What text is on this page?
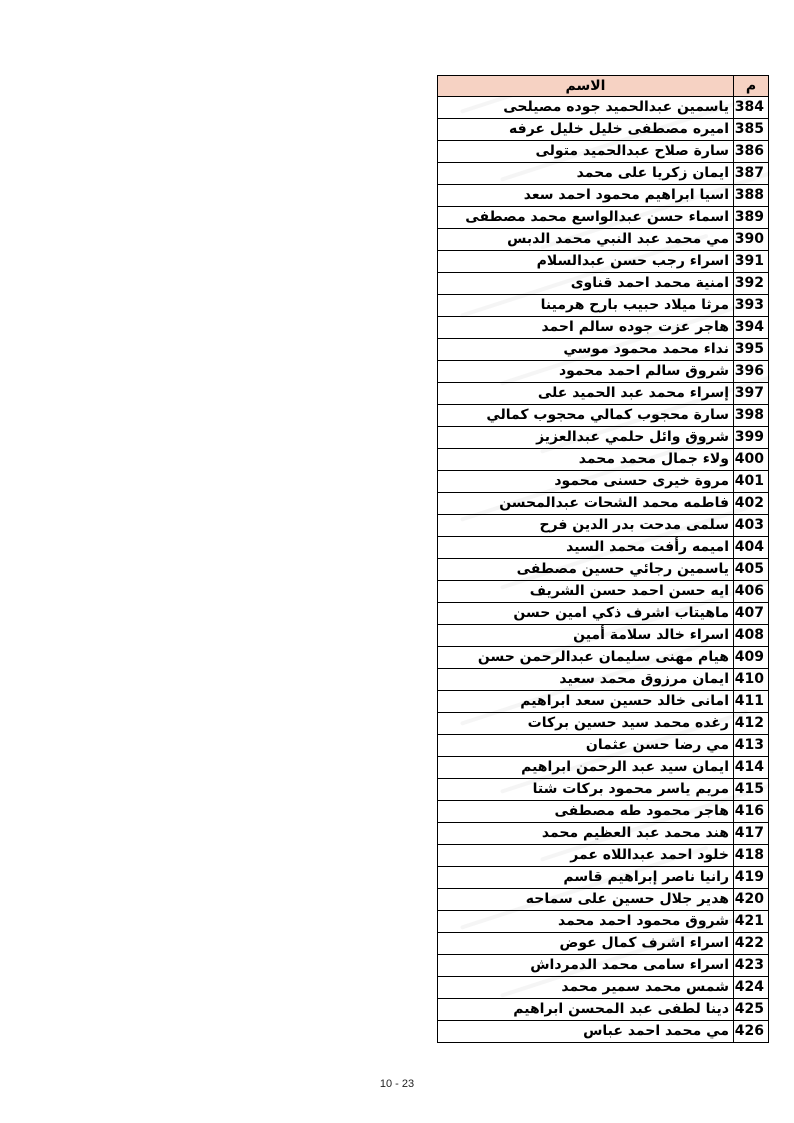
م	الاسم
384	ياسمين عبدالحميد جوده مصيلحى
385	اميره مصطفى خليل خليل عرفه
386	سارة صلاح عبدالحميد متولى
387	ايمان زكريا على محمد
388	اسيا ابراهيم محمود احمد سعد
389	اسماء حسن عبدالواسع محمد مصطفى
390	مي محمد عبد النبي محمد الدبس
391	اسراء رجب حسن عبدالسلام
392	امنية محمد احمد قناوى
393	مرثا ميلاد حبيب بارح هرمينا
394	هاجر عزت جوده سالم احمد
395	نداء محمد محمود موسي
396	شروق سالم احمد محمود
397	إسراء محمد عبد الحميد على
398	سارة محجوب كمالي محجوب كمالي
399	شروق وائل حلمي عبدالعزيز
400	ولاء جمال محمد محمد
401	مروة خيرى حسنى محمود
402	فاطمه محمد الشحات عبدالمحسن
403	سلمى مدحت بدر الدين فرح
404	اميمه رأفت محمد السيد
405	ياسمين رجائي حسين مصطفى
406	ايه حسن احمد حسن الشريف
407	ماهيتاب اشرف ذكي امين حسن
408	اسراء خالد سلامة أمين
409	هيام مهنى سليمان عبدالرحمن حسن
410	ايمان مرزوق محمد سعيد
411	امانى خالد حسين سعد ابراهيم
412	رغده محمد سيد حسين بركات
413	مي رضا حسن عثمان
414	ايمان سيد عبد الرحمن ابراهيم
415	مريم ياسر محمود بركات شتا
416	هاجر محمود طه مصطفى
417	هند محمد عبد العظيم محمد
418	خلود احمد عبداللاه عمر
419	رانيا ناصر إبراهيم قاسم
420	هدير جلال حسين على سماحه
421	شروق محمود احمد محمد
422	اسراء اشرف كمال عوض
423	اسراء سامى محمد الدمرداش
424	شمس محمد سمير محمد
425	دينا لطفى عبد المحسن ابراهيم
426	مي محمد احمد عباس
10 - 23
